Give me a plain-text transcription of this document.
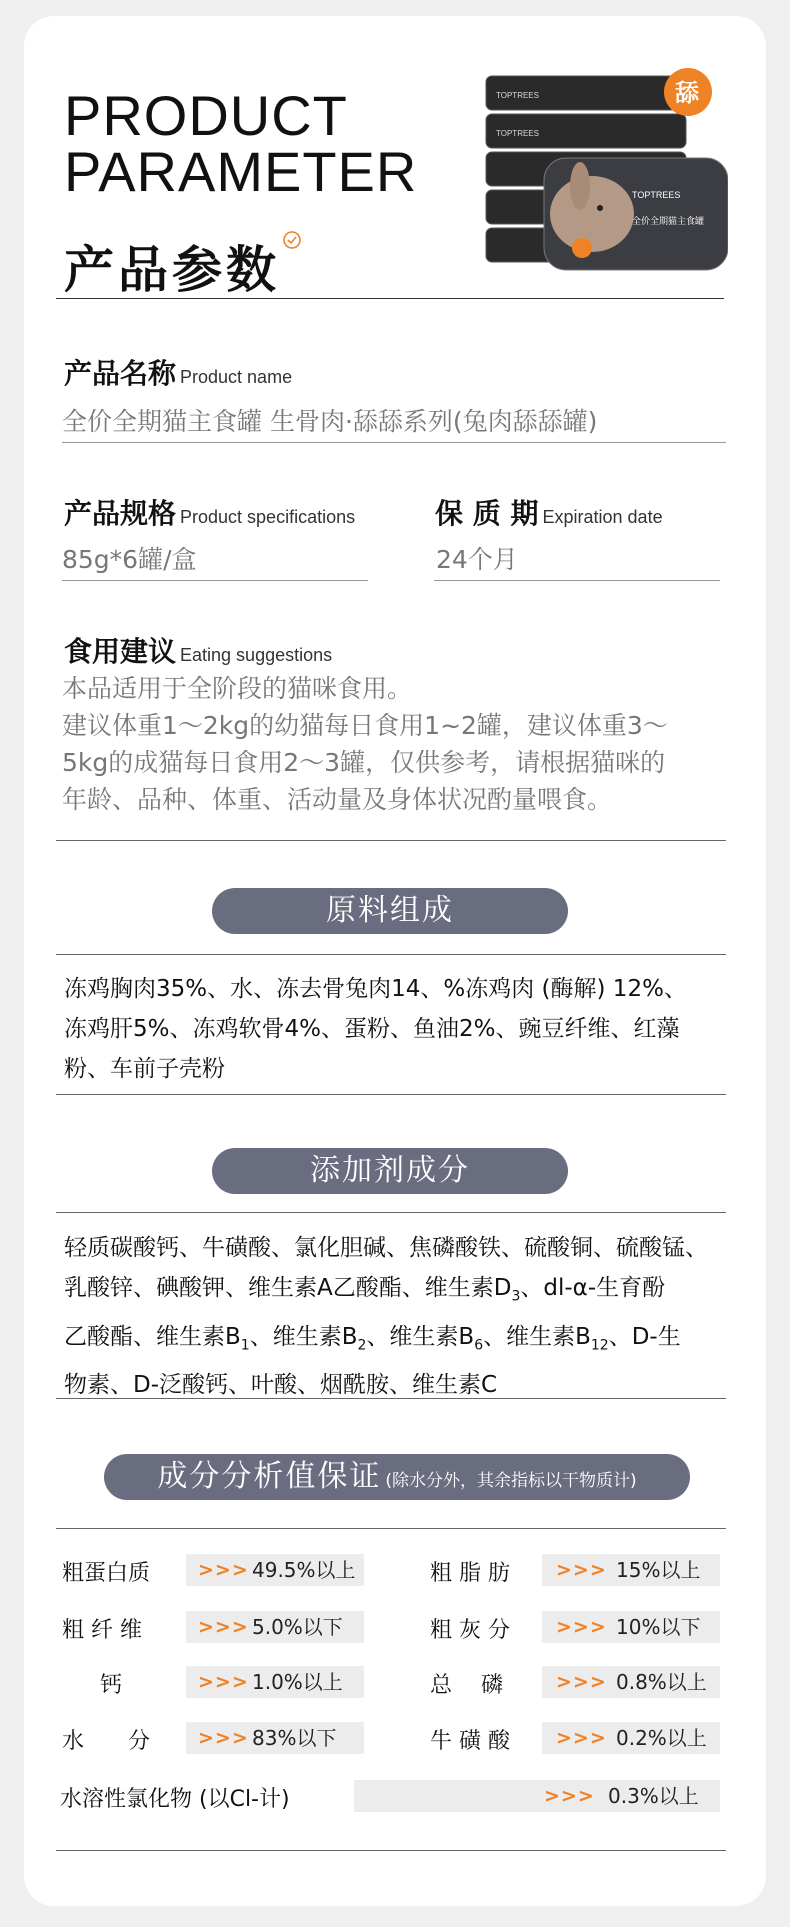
PRODUCT
PARAMETER
产品参数
TOPTREES
TOPTREES
TOPTREES
全价全期猫主食罐
舔
产品名称 Product name
全价全期猫主食罐 生骨肉·舔舔系列(兔肉舔舔罐)
产品规格 Product specifications
85g*6罐/盒
保 质 期 Expiration date
24个月
食用建议 Eating suggestions
本品适用于全阶段的猫咪食用。
建议体重1～2kg的幼猫每日食用1~2罐，建议体重3～
5kg的成猫每日食用2～3罐，仅供参考，请根据猫咪的
年龄、品种、体重、活动量及身体状况酌量喂食。
原料组成
冻鸡胸肉35%、水、冻去骨兔肉14、%冻鸡肉 (酶解) 12%、
冻鸡肝5%、冻鸡软骨4%、蛋粉、鱼油2%、豌豆纤维、红藻
粉、车前子壳粉
添加剂成分
轻质碳酸钙、牛磺酸、氯化胆碱、焦磷酸铁、硫酸铜、硫酸锰、
乳酸锌、碘酸钾、维生素A乙酸酯、维生素$D_3$、dl-α-生育酚
乙酸酯、维生素$B_1$、维生素$B_2$、维生素$B_6$、维生素$B_{12}$、D-生
物素、D-泛酸钙、叶酸、烟酰胺、维生素C
成分分析值保证 (除水分外，其余指标以干物质计)
粗蛋白质	>>> 49.5%以上	粗 脂 肪 >>> 15%以上
粗 纤 维	>>> 5.0%以下	粗 灰 分 >>> 10%以下
钙	>>> 1.0%以上	总　 磷	>>> 0.8%以上
水　　分	>>> 83%以下	牛 磺 酸 >>> 0.2%以上
水溶性氯化物 (以Cl-计)	>>> 0.3%以上
